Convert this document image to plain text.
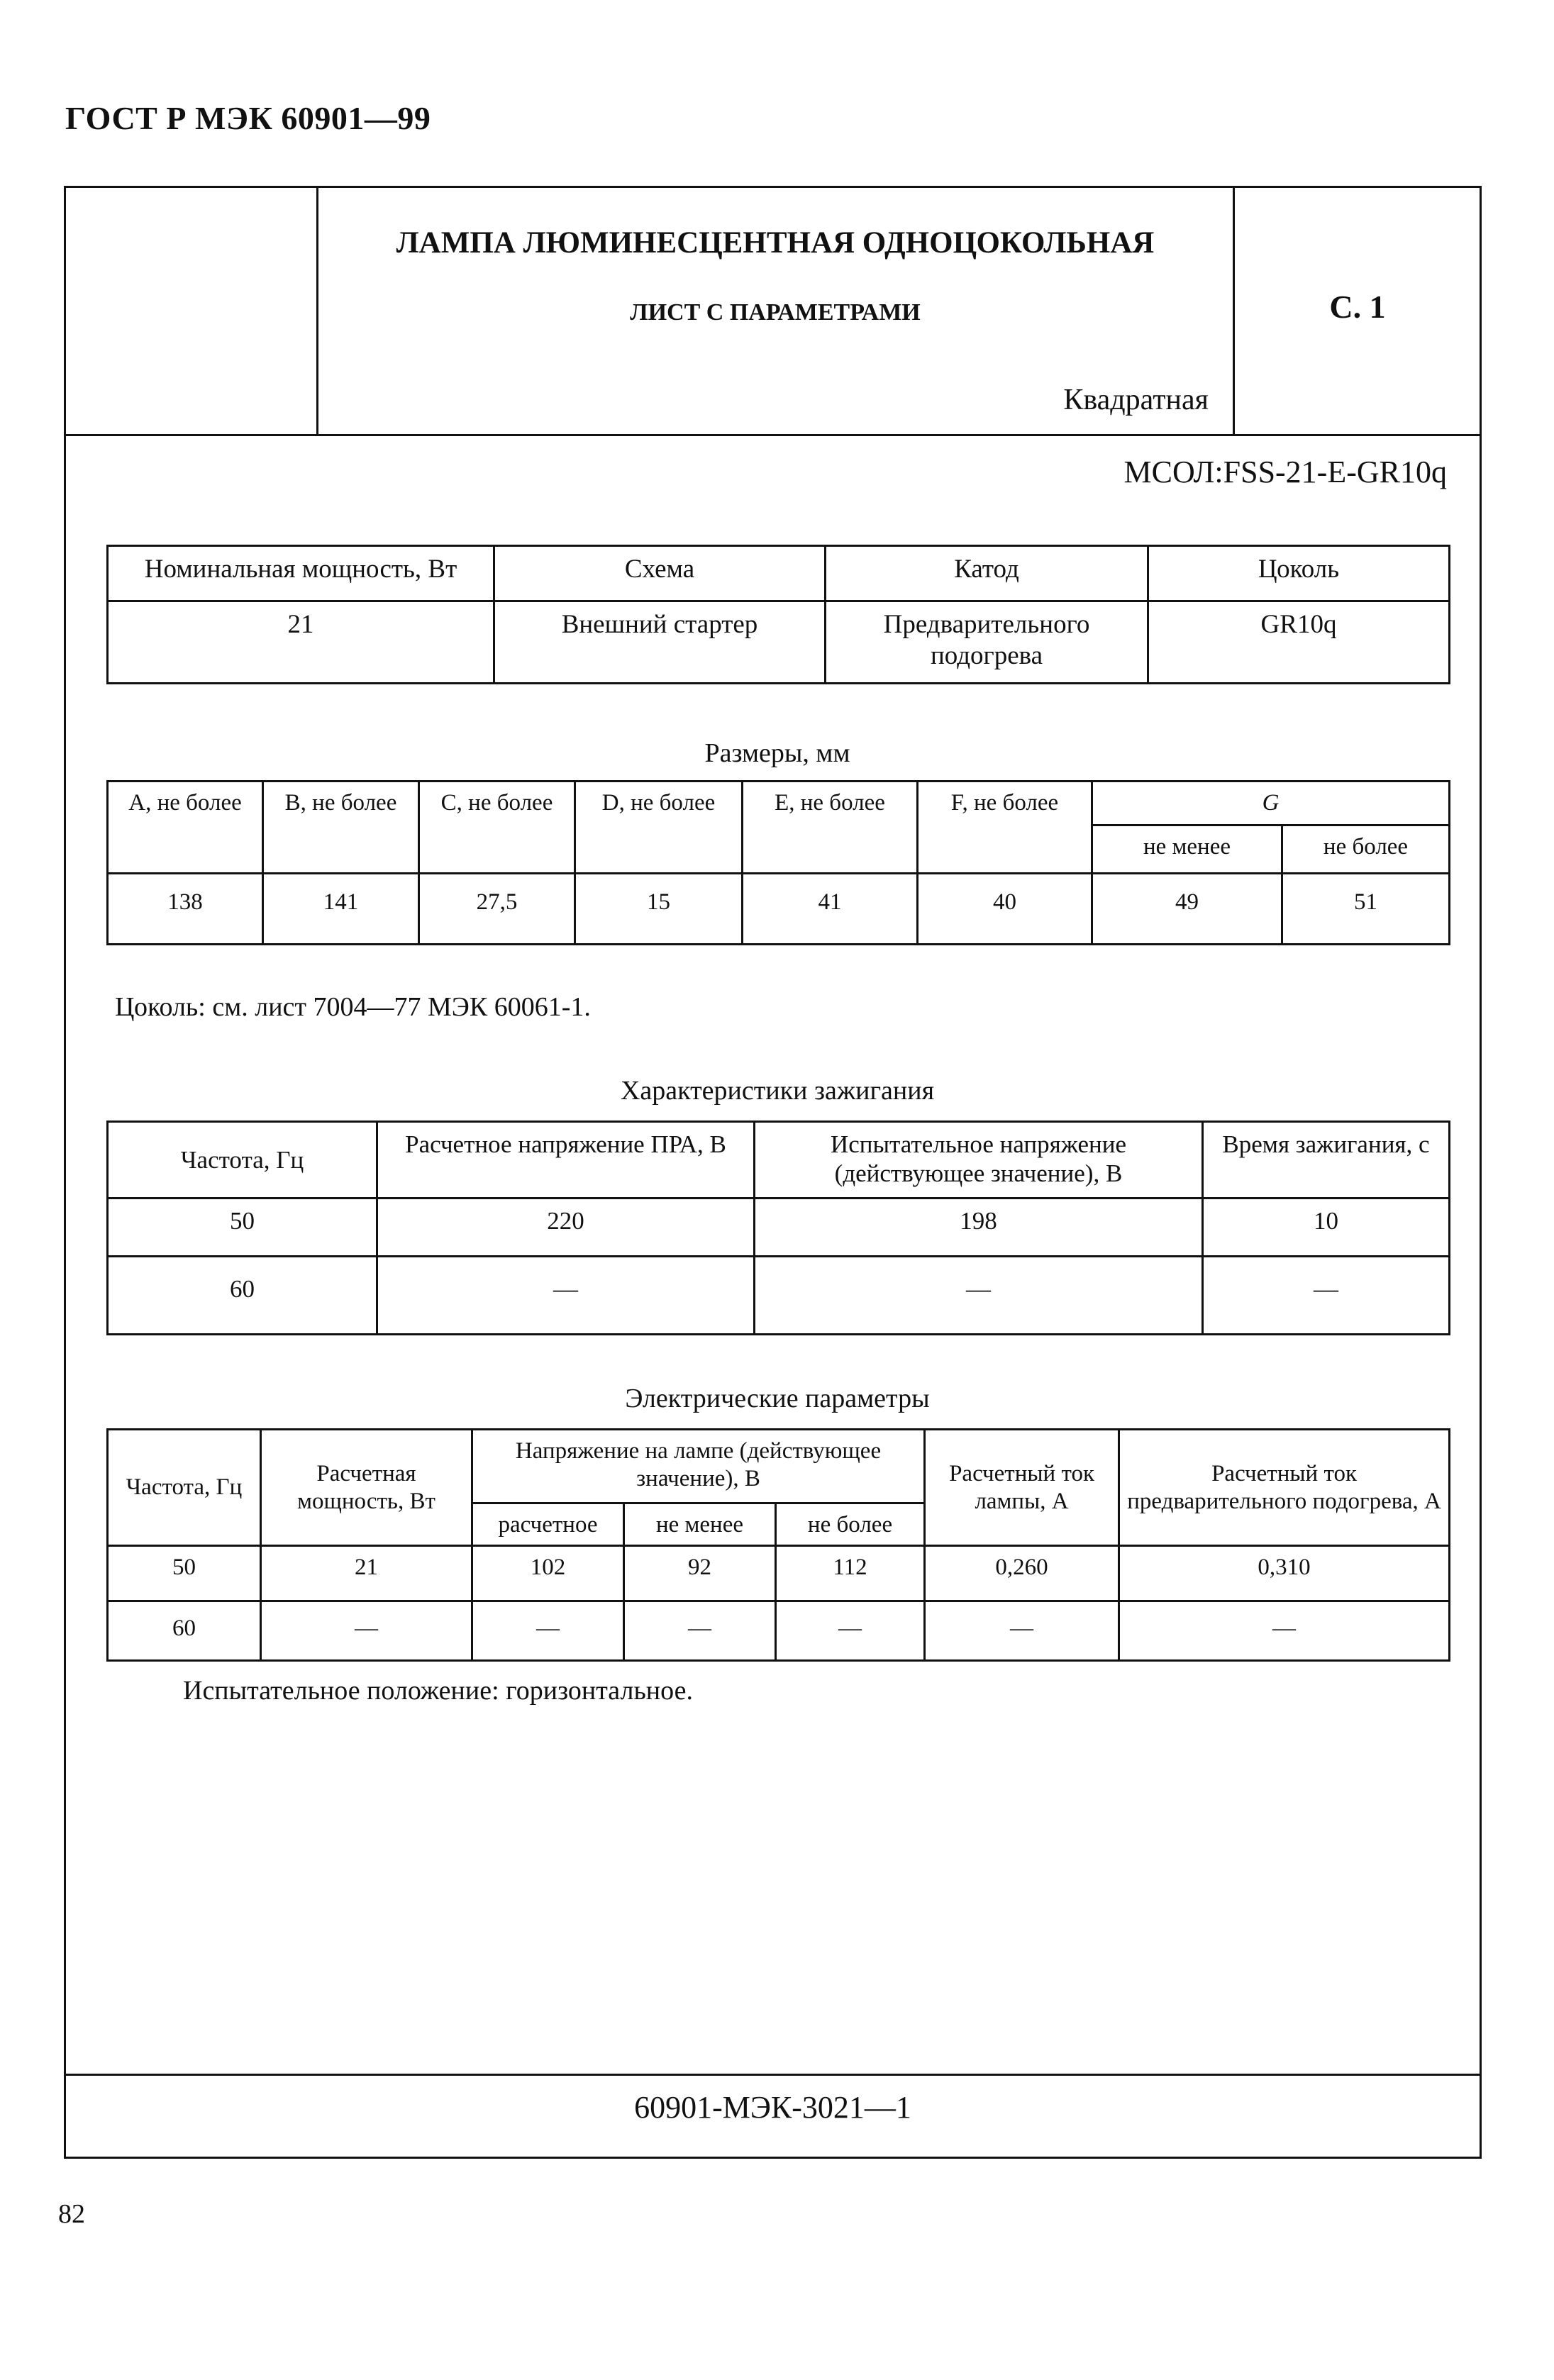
ГОСТ Р МЭК 60901—99
ЛАМПА ЛЮМИНЕСЦЕНТНАЯ ОДНОЦОКОЛЬНАЯ
ЛИСТ С ПАРАМЕТРАМИ
Квадратная
С. 1
МСОЛ:FSS-21-E-GR10q
Номинальная мощность, Вт	Схема	Катод	Цоколь
21	Внешний стартер	Предварительного подогрева	GR10q
Размеры, мм
A, не более	B, не более	C, не более	D, не более	E, не более	F, не более	G	
						не менее	не более
138	141	27,5	15	41	40	49	51
Цоколь: см. лист 7004—77 МЭК 60061-1.
Характеристики зажигания
Частота, Гц	Расчетное напряжение ПРА, В	Испытательное напряжение (действующее значение), В	Время зажигания, с
50	220	198	10
60	—	—	—
Электрические параметры
Частота, Гц	Расчетная мощность, Вт	Напряжение на лампе (действующее значение), В			Расчетный ток лампы, А	Расчетный ток предварительного подогрева, А
		расчетное	не менее	не более		
50	21	102	92	112	0,260	0,310
60	—	—	—	—	—	—
Испытательное положение: горизонтальное.
60901-МЭК-3021—1
82
